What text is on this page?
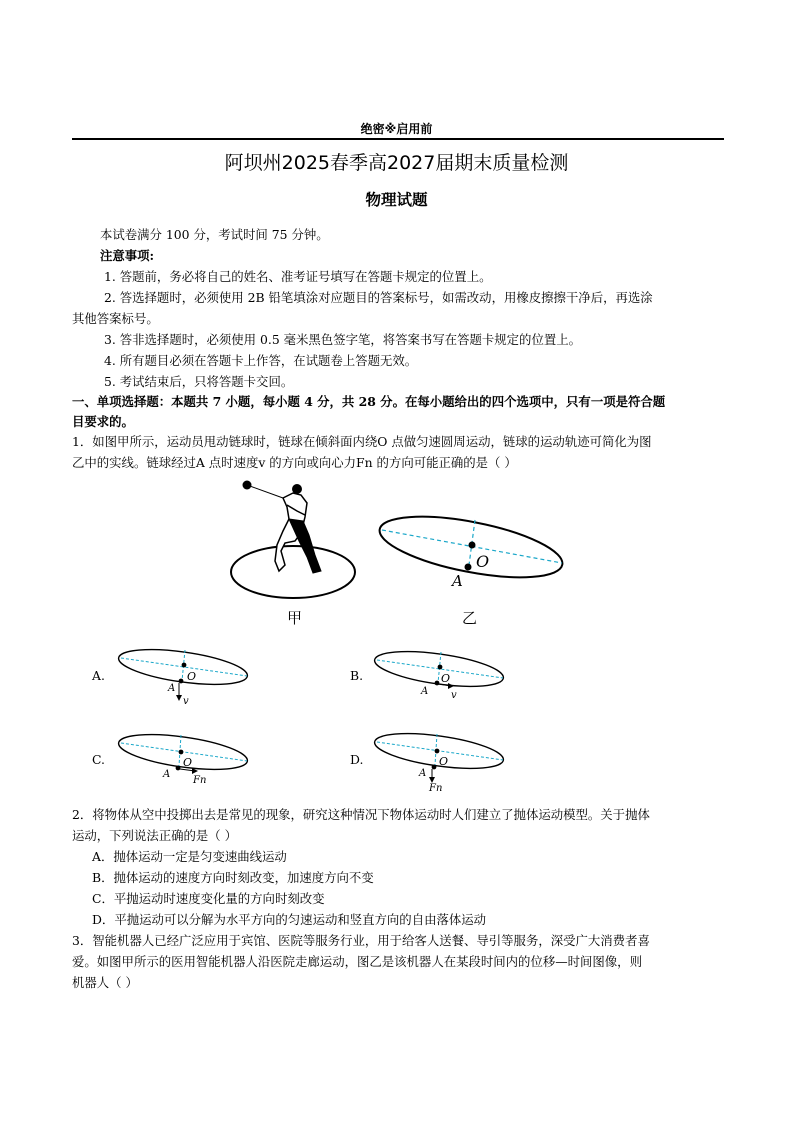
绝密※启用前
阿坝州2025春季高2027届期末质量检测
物理试题
本试卷满分 100 分，考试时间 75 分钟。
注意事项:
1. 答题前，务必将自己的姓名、准考证号填写在答题卡规定的位置上。
2. 答选择题时，必须使用 2B 铅笔填涂对应题目的答案标号，如需改动，用橡皮擦擦干净后，再选涂
其他答案标号。
3. 答非选择题时，必须使用 0.5 毫米黑色签字笔，将答案书写在答题卡规定的位置上。
4. 所有题目必须在答题卡上作答，在试题卷上答题无效。
5. 考试结束后，只将答题卡交回。
一、单项选择题：本题共 7 小题，每小题 4 分，共 28 分。在每小题给出的四个选项中，只有一项是符合题
目要求的。
1．如图甲所示，运动员甩动链球时，链球在倾斜面内绕O 点做匀速圆周运动，链球的运动轨迹可简化为图
乙中的实线。链球经过A 点时速度v 的方向或向心力Fn 的方向可能正确的是（ ）
甲
O
A
乙
A.	O
A
v
B.	O
A v
C.	O
A
Fn
D.	O
A
Fn
2．将物体从空中投掷出去是常见的现象，研究这种情况下物体运动时人们建立了抛体运动模型。关于抛体
运动，下列说法正确的是（ ）
A．抛体运动一定是匀变速曲线运动
B．抛体运动的速度方向时刻改变，加速度方向不变
C．平抛运动时速度变化量的方向时刻改变
D．平抛运动可以分解为水平方向的匀速运动和竖直方向的自由落体运动
3．智能机器人已经广泛应用于宾馆、医院等服务行业，用于给客人送餐、导引等服务，深受广大消费者喜
爱。如图甲所示的医用智能机器人沿医院走廊运动，图乙是该机器人在某段时间内的位移—时间图像，则
机器人（ ）
